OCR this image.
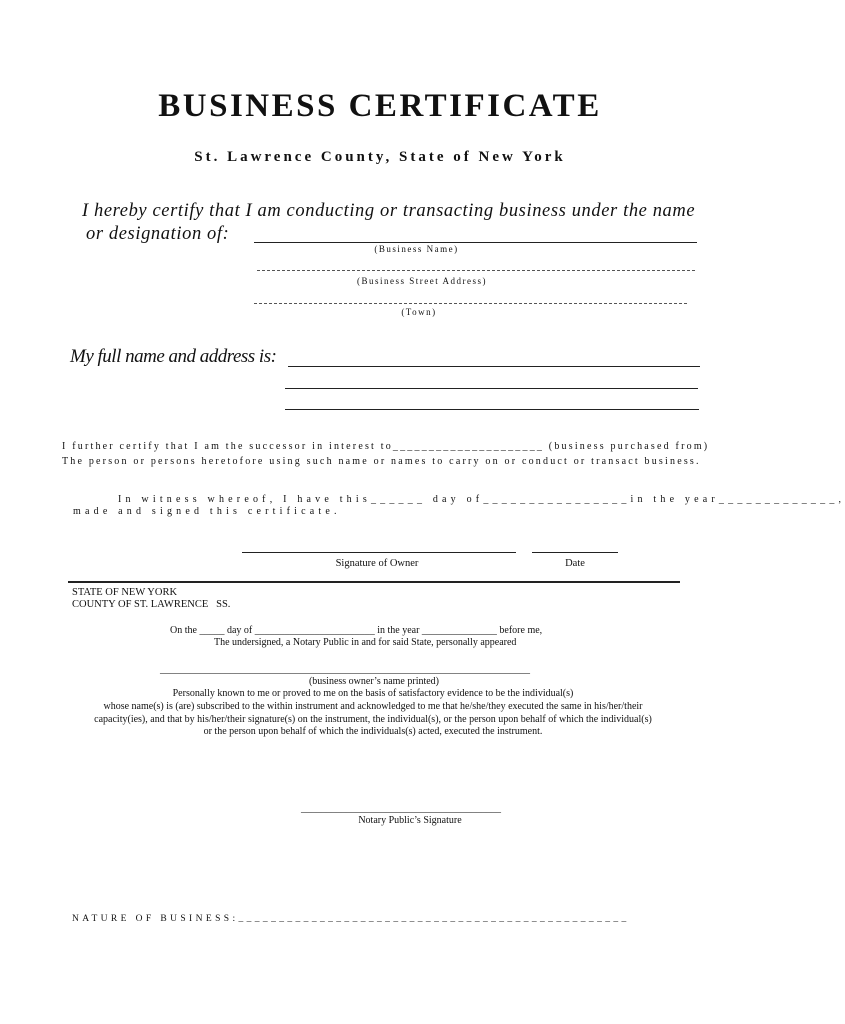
BUSINESS CERTIFICATE
St. Lawrence County, State of New York
I hereby certify that I am conducting or transacting business under the name
or designation of:
(Business Name)
(Business Street Address)
(Town)
My full name and address is:
I further certify that I am the successor in interest to_____________________ (business purchased from)
The person or persons heretofore using such name or names to carry on or conduct or transact business.
In witness whereof, I have this______ day of________________in the year_____________,
made and signed this certificate.
Signature of Owner	Date
STATE OF NEW YORK
COUNTY OF ST. LAWRENCE   SS.
On the _____ day of ________________________ in the year _______________ before me,
The undersigned, a Notary Public in and for said State, personally appeared
__________________________________________________________________________
(business owner’s name printed)
Personally known to me or proved to me on the basis of satisfactory evidence to be the individual(s)
whose name(s) is (are) subscribed to the within instrument and acknowledged to me that he/she/they executed the same in his/her/their
capacity(ies), and that by his/her/their signature(s) on the instrument, the individual(s), or the person upon behalf of which the individual(s)
or the person upon behalf of which the individuals(s) acted, executed the instrument.
________________________________________
Notary Public’s Signature
NATURE OF BUSINESS:________________________________________________
